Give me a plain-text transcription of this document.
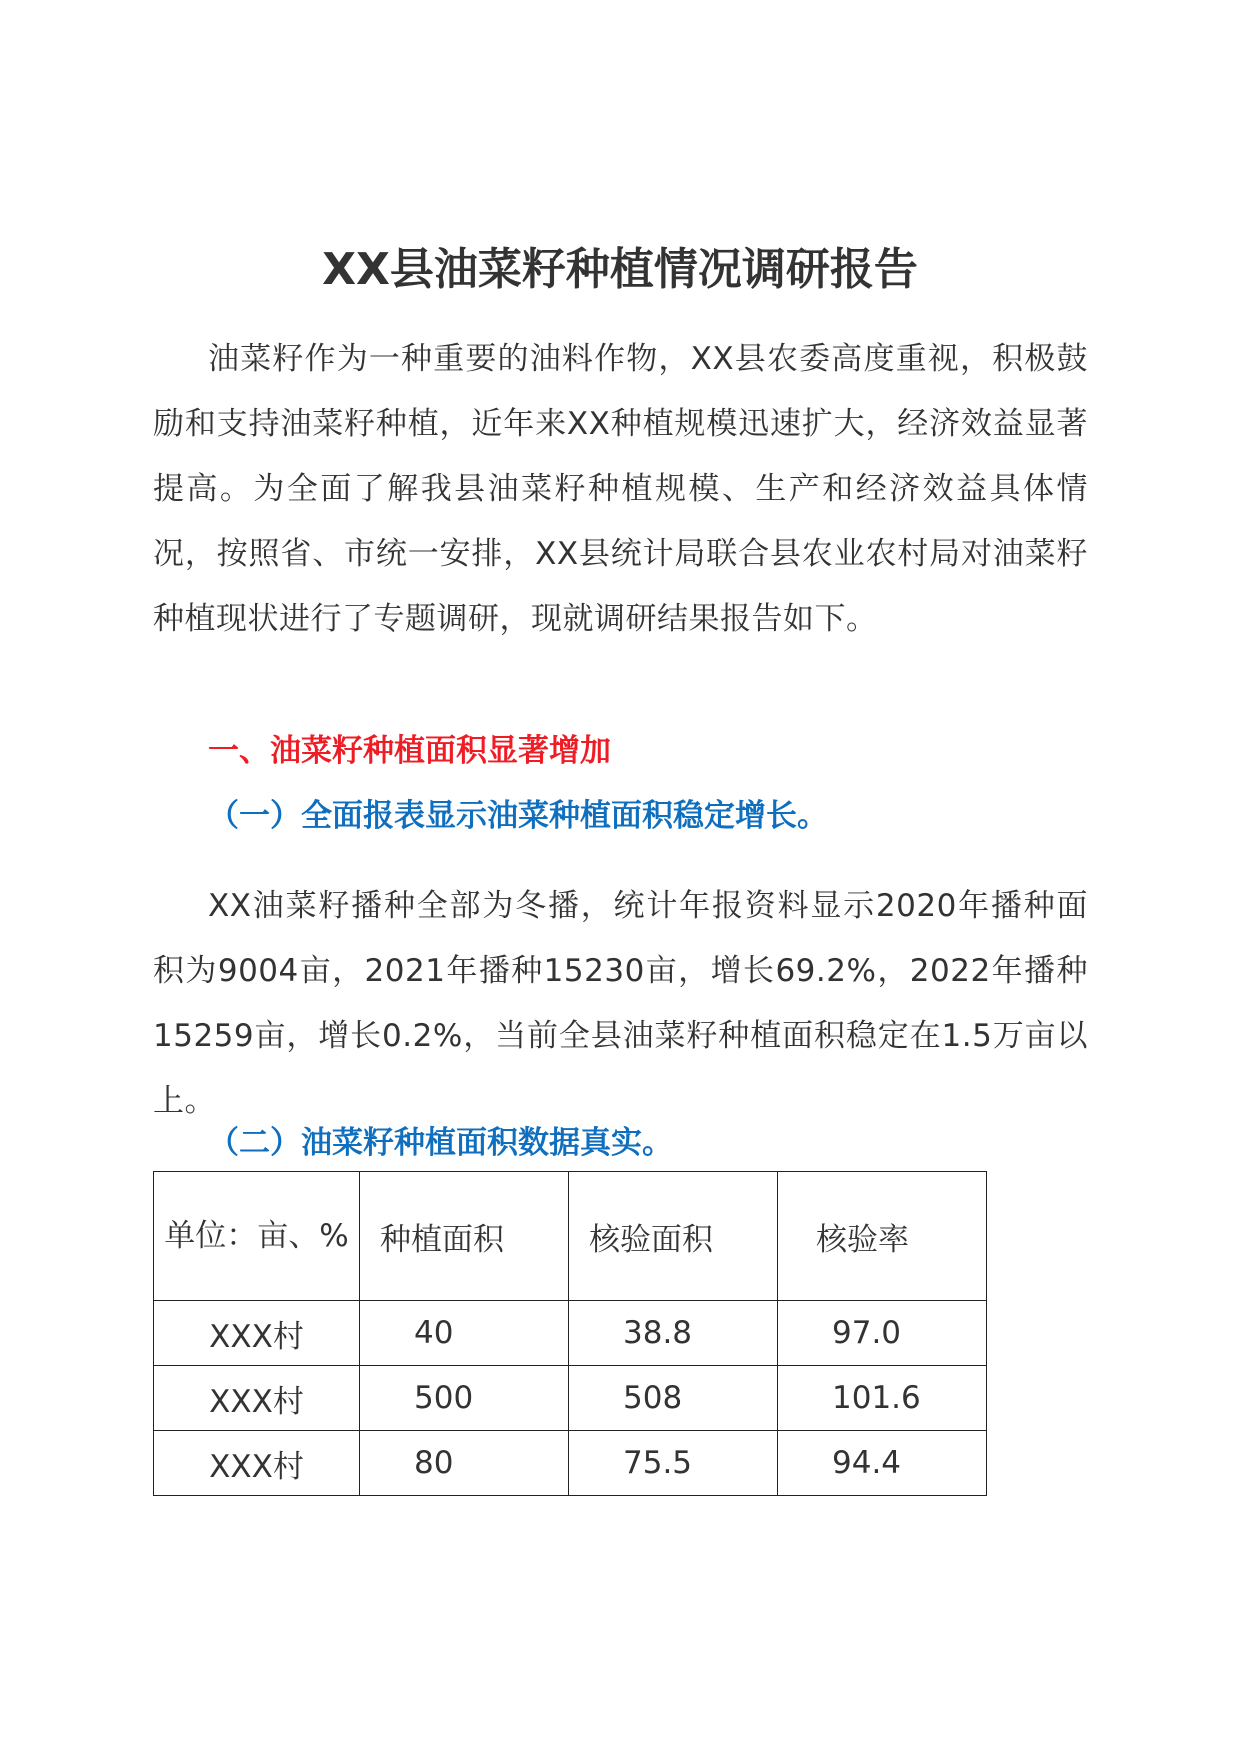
XX县油菜籽种植情况调研报告

油菜籽作为一种重要的油料作物，XX县农委高度重视，积极鼓励和支持油菜籽种植，近年来XX种植规模迅速扩大，经济效益显著提高。为全面了解我县油菜籽种植规模、生产和经济效益具体情况，按照省、市统一安排，XX县统计局联合县农业农村局对油菜籽种植现状进行了专题调研，现就调研结果报告如下。

一、油菜籽种植面积显著增加
（一）全面报表显示油菜种植面积稳定增长。

XX油菜籽播种全部为冬播，统计年报资料显示2020年播种面积为9004亩，2021年播种15230亩，增长69.2%，2022年播种15259亩，增长0.2%，当前全县油菜籽种植面积稳定在1.5万亩以上。

（二）油菜籽种植面积数据真实。
单位：亩、%	种植面积	核验面积	核验率

XXX村	40	38.8	97.0
XXX村	500	508	101.6
XXX村	80	75.5	94.4
